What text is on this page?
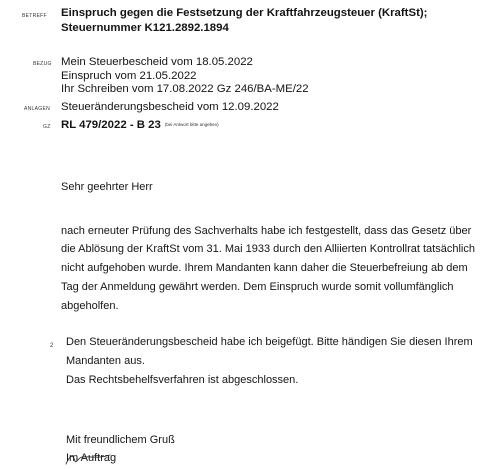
BETREFF Einspruch gegen die Festsetzung der Kraftfahrzeugsteuer (KraftSt);
Steuernummer K121.2892.1894
BEZUG Mein Steuerbescheid vom 18.05.2022
Einspruch vom 21.05.2022
Ihr Schreiben vom 17.08.2022 Gz 246/BA-ME/22
ANLAGEN Steueränderungsbescheid vom 12.09.2022
GZ RL 479/2022 - B 23 (bei Antwort bitte angeben)
Sehr geehrter Herr
nach erneuter Prüfung des Sachverhalts habe ich festgestellt, dass das Gesetz über
die Ablösung der KraftSt vom 31. Mai 1933 durch den Alliierten Kontrollrat tatsächlich
nicht aufgehoben wurde. Ihrem Mandanten kann daher die Steuerbefreiung ab dem
Tag der Anmeldung gewährt werden. Dem Einspruch wurde somit vollumfänglich
abgeholfen.
2 Den Steueränderungsbescheid habe ich beigefügt. Bitte händigen Sie diesen Ihrem
Mandanten aus.
Das Rechtsbehelfsverfahren ist abgeschlossen.
Mit freundlichem Gruß
Im Auftrag
